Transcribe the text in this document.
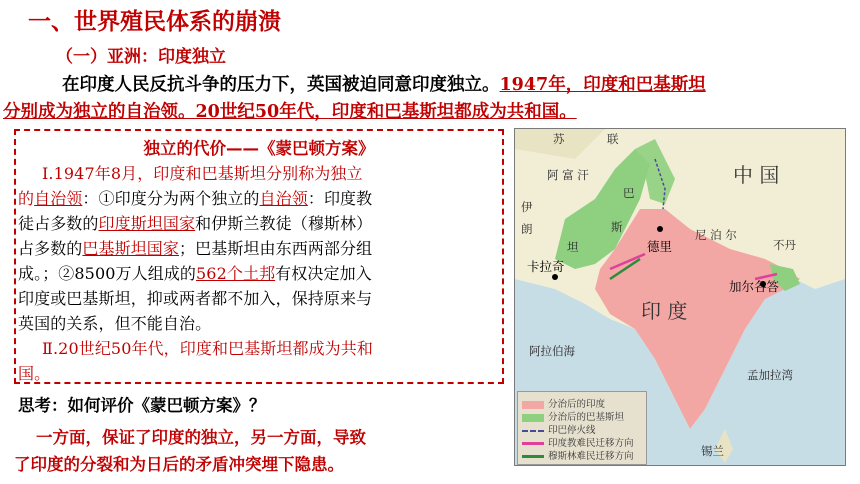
一、世界殖民体系的崩溃
（一）亚洲：印度独立
在印度人民反抗斗争的压力下，英国被迫同意印度独立。1947年，印度和巴基斯坦
分别成为独立的自治领。20世纪50年代，印度和巴基斯坦都成为共和国。
独立的代价——《蒙巴顿方案》
Ⅰ.1947年8月，印度和巴基斯坦分别称为独立
的自治领：①印度分为两个独立的自治领：印度教
徒占多数的印度斯坦国家和伊斯兰教徒（穆斯林）
占多数的巴基斯坦国家；巴基斯坦由东西两部分组
成。；②8500万人组成的562个土邦有权决定加入
印度或巴基斯坦，抑或两者都不加入，保持原来与
英国的关系，但不能自治。
Ⅱ.20世纪50年代，印度和巴基斯坦都成为共和
国。
思考：如何评价《蒙巴顿方案》？
一方面，保证了印度的独立，另一方面，导致
了印度的分裂和为日后的矛盾冲突埋下隐患。
苏	联
阿 富 汗
巴
斯
中 国
伊
朗
坦	德里
卡拉奇
尼 泊 尔
不丹
加尔各答
印 度
阿拉伯海
孟加拉湾
锡兰
分治后的印度
分治后的巴基斯坦
印巴停火线
印度教难民迁移方向
穆斯林难民迁移方向
